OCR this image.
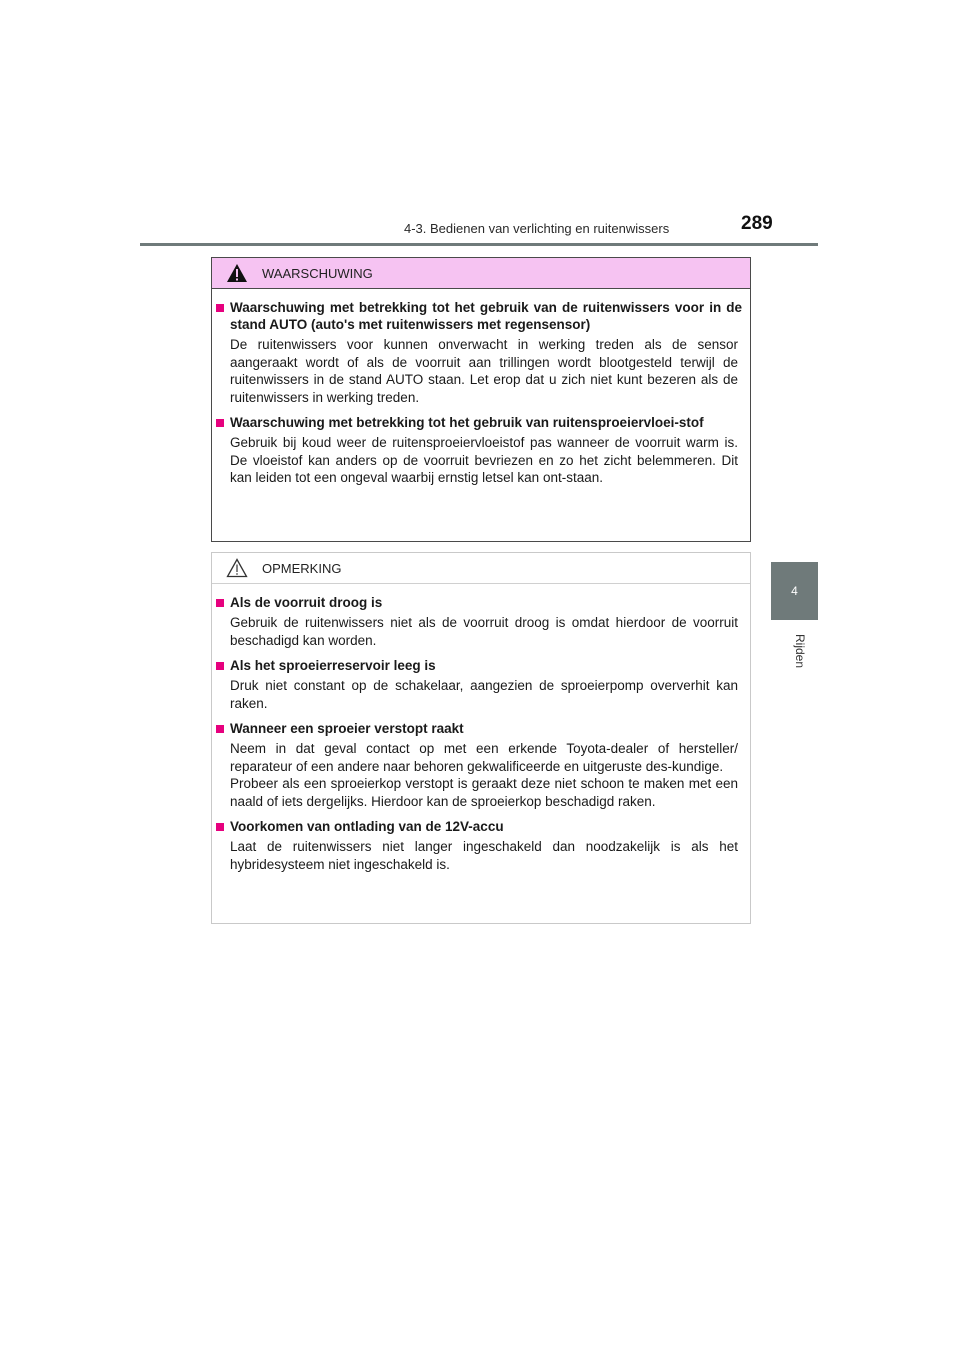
4-3. Bedienen van verlichting en ruitenwissers	289
4
Rijden
WAARSCHUWING
Waarschuwing met betrekking tot het gebruik van de ruitenwissers voor in de stand AUTO (auto's met ruitenwissers met regensensor)
De ruitenwissers voor kunnen onverwacht in werking treden als de sensor aangeraakt wordt of als de voorruit aan trillingen wordt blootgesteld terwijl de ruitenwissers in de stand AUTO staan. Let erop dat u zich niet kunt bezeren als de ruitenwissers in werking treden.
Waarschuwing met betrekking tot het gebruik van ruitensproeiervloei-stof
Gebruik bij koud weer de ruitensproeiervloeistof pas wanneer de voorruit warm is. De vloeistof kan anders op de voorruit bevriezen en zo het zicht belemmeren. Dit kan leiden tot een ongeval waarbij ernstig letsel kan ont-staan.
OPMERKING
Als de voorruit droog is
Gebruik de ruitenwissers niet als de voorruit droog is omdat hierdoor de voorruit beschadigd kan worden.
Als het sproeierreservoir leeg is
Druk niet constant op de schakelaar, aangezien de sproeierpomp oververhit kan raken.
Wanneer een sproeier verstopt raakt
Neem in dat geval contact op met een erkende Toyota-dealer of hersteller/ reparateur of een andere naar behoren gekwalificeerde en uitgeruste des-kundige.
Probeer als een sproeierkop verstopt is geraakt deze niet schoon te maken met een naald of iets dergelijks. Hierdoor kan de sproeierkop beschadigd raken.
Voorkomen van ontlading van de 12V-accu
Laat de ruitenwissers niet langer ingeschakeld dan noodzakelijk is als het hybridesysteem niet ingeschakeld is.
